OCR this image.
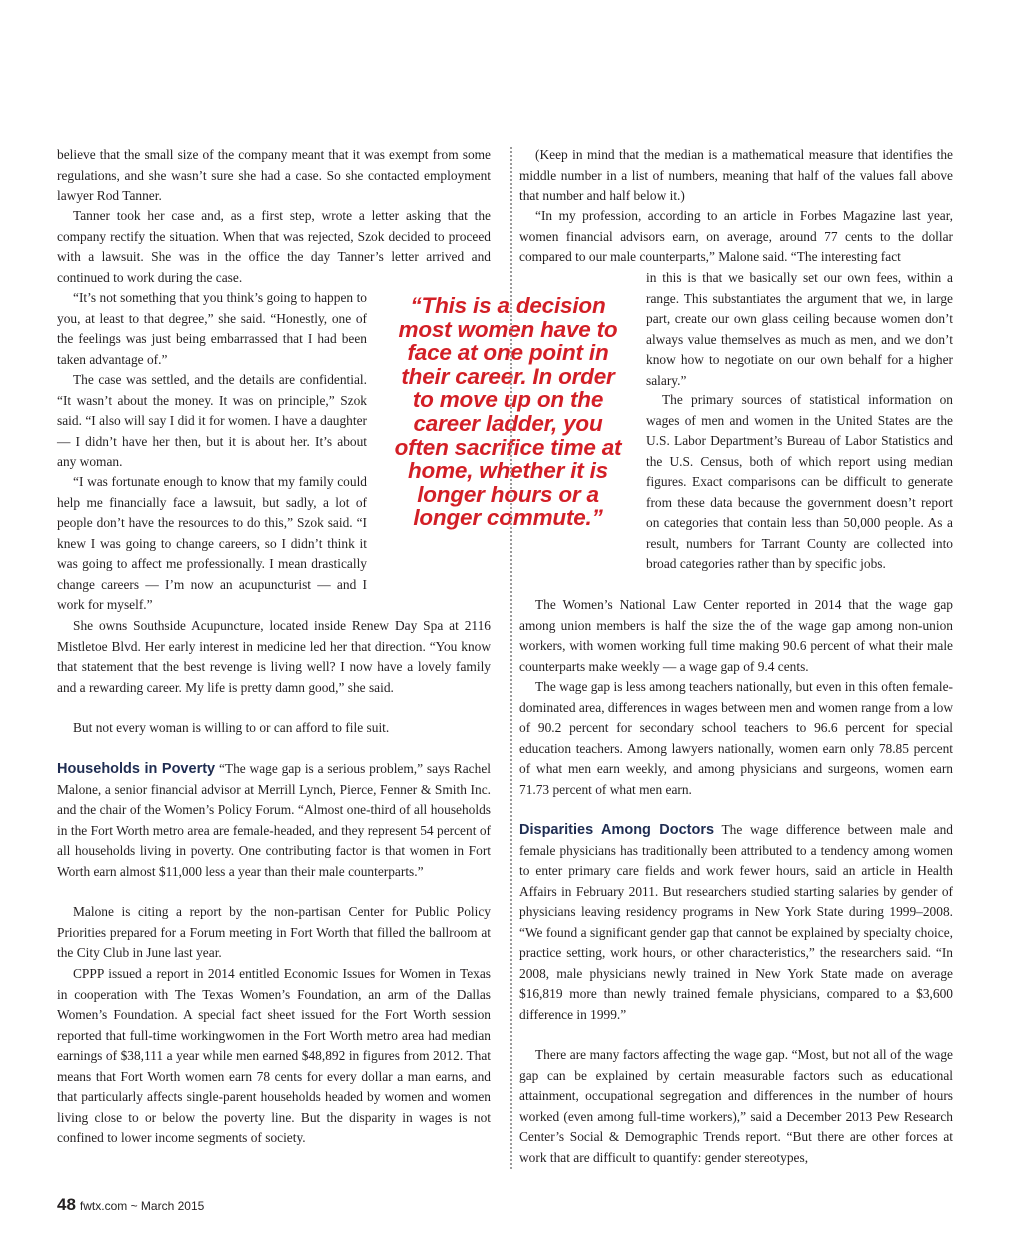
believe that the small size of the company meant that it was exempt from some regulations, and she wasn’t sure she had a case. So she contacted employment lawyer Rod Tanner.

Tanner took her case and, as a first step, wrote a letter asking that the company rectify the situation. When that was rejected, Szok decided to proceed with a lawsuit. She was in the office the day Tanner’s letter arrived and continued to work during the case.

“It’s not something that you think’s going to happen to you, at least to that degree,” she said. “Honestly, one of the feelings was just being embarrassed that I had been taken advantage of.”

The case was settled, and the details are confidential. “It wasn’t about the money. It was on principle,” Szok said. “I also will say I did it for women. I have a daughter — I didn’t have her then, but it is about her. It’s about any woman.

“I was fortunate enough to know that my family could help me financially face a lawsuit, but sadly, a lot of people don’t have the resources to do this,” Szok said. “I knew I was going to change careers, so I didn’t think it was going to affect me professionally. I mean drastically change careers — I’m now an acupuncturist — and I work for myself.”

She owns Southside Acupuncture, located inside Renew Day Spa at 2116 Mistletoe Blvd. Her early interest in medicine led her that direction. “You know that statement that the best revenge is living well? I now have a lovely family and a rewarding career. My life is pretty damn good,” she said.

But not every woman is willing to or can afford to file suit.

Households in Poverty “The wage gap is a serious problem,” says Rachel Malone, a senior financial advisor at Merrill Lynch, Pierce, Fenner & Smith Inc. and the chair of the Women’s Policy Forum. “Almost one-third of all households in the Fort Worth metro area are female-headed, and they represent 54 percent of all households living in poverty. One contributing factor is that women in Fort Worth earn almost $11,000 less a year than their male counterparts.”

Malone is citing a report by the non-partisan Center for Public Policy Priorities prepared for a Forum meeting in Fort Worth that filled the ballroom at the City Club in June last year.

CPPP issued a report in 2014 entitled Economic Issues for Women in Texas in cooperation with The Texas Women’s Foundation, an arm of the Dallas Women’s Foundation. A special fact sheet issued for the Fort Worth session reported that full-time workingwomen in the Fort Worth metro area had median earnings of $38,111 a year while men earned $48,892 in figures from 2012. That means that Fort Worth women earn 78 cents for every dollar a man earns, and that particularly affects single-parent households headed by women and women living close to or below the poverty line. But the disparity in wages is not confined to lower income segments of society.

“This is a decision most women have to face at one point in their career. In order to move up on the career ladder, you often sacrifice time at home, whether it is longer hours or a longer commute.”

(Keep in mind that the median is a mathematical measure that identifies the middle number in a list of numbers, meaning that half of the values fall above that number and half below it.)

“In my profession, according to an article in Forbes Magazine last year, women financial advisors earn, on average, around 77 cents to the dollar compared to our male counterparts,” Malone said. “The interesting fact

in this is that we basically set our own fees, within a range. This substantiates the argument that we, in large part, create our own glass ceiling because women don’t always value themselves as much as men, and we don’t know how to negotiate on our own behalf for a higher salary.”

The primary sources of statistical information on wages of men and women in the United States are the U.S. Labor Department’s Bureau of Labor Statistics and the U.S. Census, both of which report using median figures. Exact comparisons can be difficult to generate from these data because the government doesn’t report on categories that contain less than 50,000 people. As a result, numbers for Tarrant County are collected into broad categories rather than by specific jobs.

The Women’s National Law Center reported in 2014 that the wage gap among union members is half the size the of the wage gap among non-union workers, with women working full time making 90.6 percent of what their male counterparts make weekly — a wage gap of 9.4 cents.

The wage gap is less among teachers nationally, but even in this often female-dominated area, differences in wages between men and women range from a low of 90.2 percent for secondary school teachers to 96.6 percent for special education teachers. Among lawyers nationally, women earn only 78.85 percent of what men earn weekly, and among physicians and surgeons, women earn 71.73 percent of what men earn.

Disparities Among Doctors The wage difference between male and female physicians has traditionally been attributed to a tendency among women to enter primary care fields and work fewer hours, said an article in Health Affairs in February 2011. But researchers studied starting salaries by gender of physicians leaving residency programs in New York State during 1999–2008. “We found a significant gender gap that cannot be explained by specialty choice, practice setting, work hours, or other characteristics,” the researchers said. “In 2008, male physicians newly trained in New York State made on average $16,819 more than newly trained female physicians, compared to a $3,600 difference in 1999.”

There are many factors affecting the wage gap. “Most, but not all of the wage gap can be explained by certain measurable factors such as educational attainment, occupational segregation and differences in the number of hours worked (even among full-time workers),” said a December 2013 Pew Research Center’s Social & Demographic Trends report. “But there are other forces at work that are difficult to quantify: gender stereotypes,

48 fwtx.com ~ March 2015
